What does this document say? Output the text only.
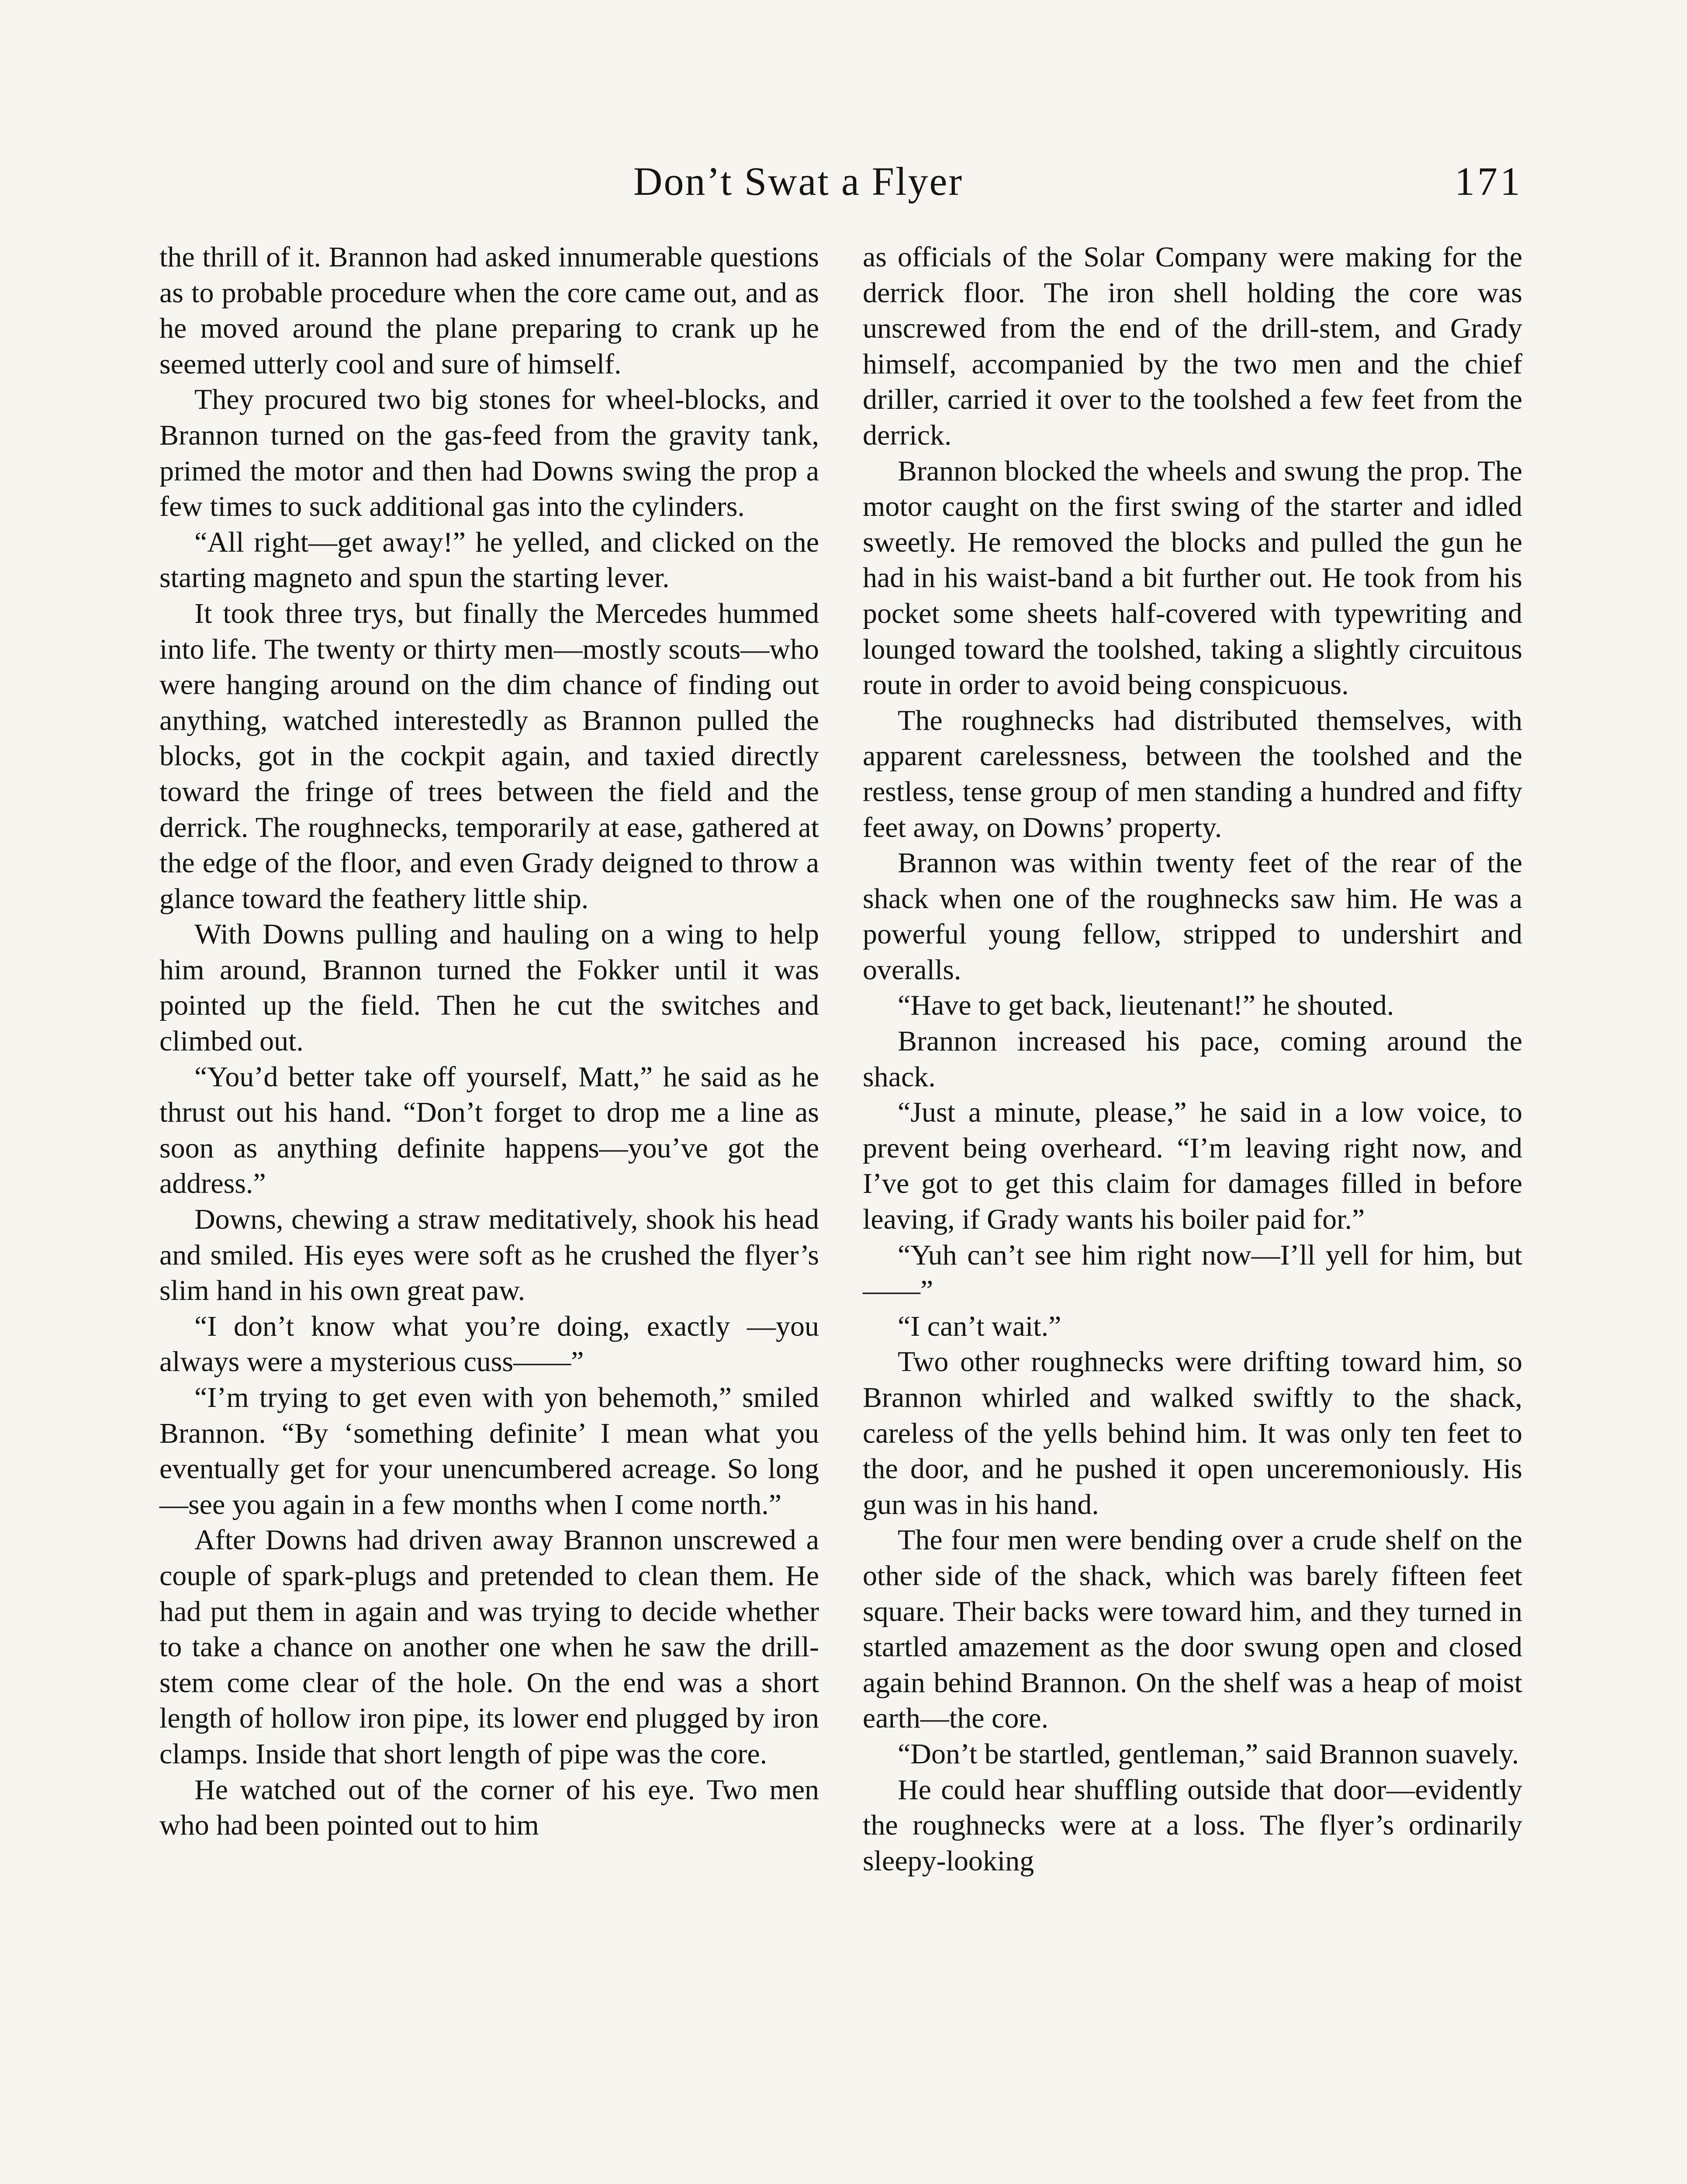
Don’t Swat a Flyer	171

the thrill of it. Brannon had asked innumerable questions as to probable procedure when the core came out, and as he moved around the plane preparing to crank up he seemed utterly cool and sure of himself.

They procured two big stones for wheel-blocks, and Brannon turned on the gas-feed from the gravity tank, primed the motor and then had Downs swing the prop a few times to suck additional gas into the cylinders.

“All right—get away!” he yelled, and clicked on the starting magneto and spun the starting lever.

It took three trys, but finally the Mercedes hummed into life. The twenty or thirty men—mostly scouts—who were hanging around on the dim chance of finding out anything, watched interestedly as Brannon pulled the blocks, got in the cockpit again, and taxied directly toward the fringe of trees between the field and the derrick. The roughnecks, temporarily at ease, gathered at the edge of the floor, and even Grady deigned to throw a glance toward the feathery little ship.

With Downs pulling and hauling on a wing to help him around, Brannon turned the Fokker until it was pointed up the field. Then he cut the switches and climbed out.

“You’d better take off yourself, Matt,” he said as he thrust out his hand. “Don’t forget to drop me a line as soon as anything definite happens—you’ve got the address.”

Downs, chewing a straw meditatively, shook his head and smiled. His eyes were soft as he crushed the flyer’s slim hand in his own great paw.

“I don’t know what you’re doing, exactly —you always were a mysterious cuss——”

“I’m trying to get even with yon behemoth,” smiled Brannon. “By ‘something definite’ I mean what you eventually get for your unencumbered acreage. So long—see you again in a few months when I come north.”

After Downs had driven away Brannon unscrewed a couple of spark-plugs and pretended to clean them. He had put them in again and was trying to decide whether to take a chance on another one when he saw the drill-stem come clear of the hole. On the end was a short length of hollow iron pipe, its lower end plugged by iron clamps. Inside that short length of pipe was the core.

He watched out of the corner of his eye. Two men who had been pointed out to him

as officials of the Solar Company were making for the derrick floor. The iron shell holding the core was unscrewed from the end of the drill-stem, and Grady himself, accompanied by the two men and the chief driller, carried it over to the toolshed a few feet from the derrick.

Brannon blocked the wheels and swung the prop. The motor caught on the first swing of the starter and idled sweetly. He removed the blocks and pulled the gun he had in his waist-band a bit further out. He took from his pocket some sheets half-covered with typewriting and lounged toward the toolshed, taking a slightly circuitous route in order to avoid being conspicuous.

The roughnecks had distributed themselves, with apparent carelessness, between the toolshed and the restless, tense group of men standing a hundred and fifty feet away, on Downs’ property.

Brannon was within twenty feet of the rear of the shack when one of the roughnecks saw him. He was a powerful young fellow, stripped to undershirt and overalls.

“Have to get back, lieutenant!” he shouted.

Brannon increased his pace, coming around the shack.

“Just a minute, please,” he said in a low voice, to prevent being overheard. “I’m leaving right now, and I’ve got to get this claim for damages filled in before leaving, if Grady wants his boiler paid for.”

“Yuh can’t see him right now—I’ll yell for him, but——”

“I can’t wait.”

Two other roughnecks were drifting toward him, so Brannon whirled and walked swiftly to the shack, careless of the yells behind him. It was only ten feet to the door, and he pushed it open unceremoniously. His gun was in his hand.

The four men were bending over a crude shelf on the other side of the shack, which was barely fifteen feet square. Their backs were toward him, and they turned in startled amazement as the door swung open and closed again behind Brannon. On the shelf was a heap of moist earth—the core.

“Don’t be startled, gentleman,” said Brannon suavely.

He could hear shuffling outside that door—evidently the roughnecks were at a loss. The flyer’s ordinarily sleepy-looking
